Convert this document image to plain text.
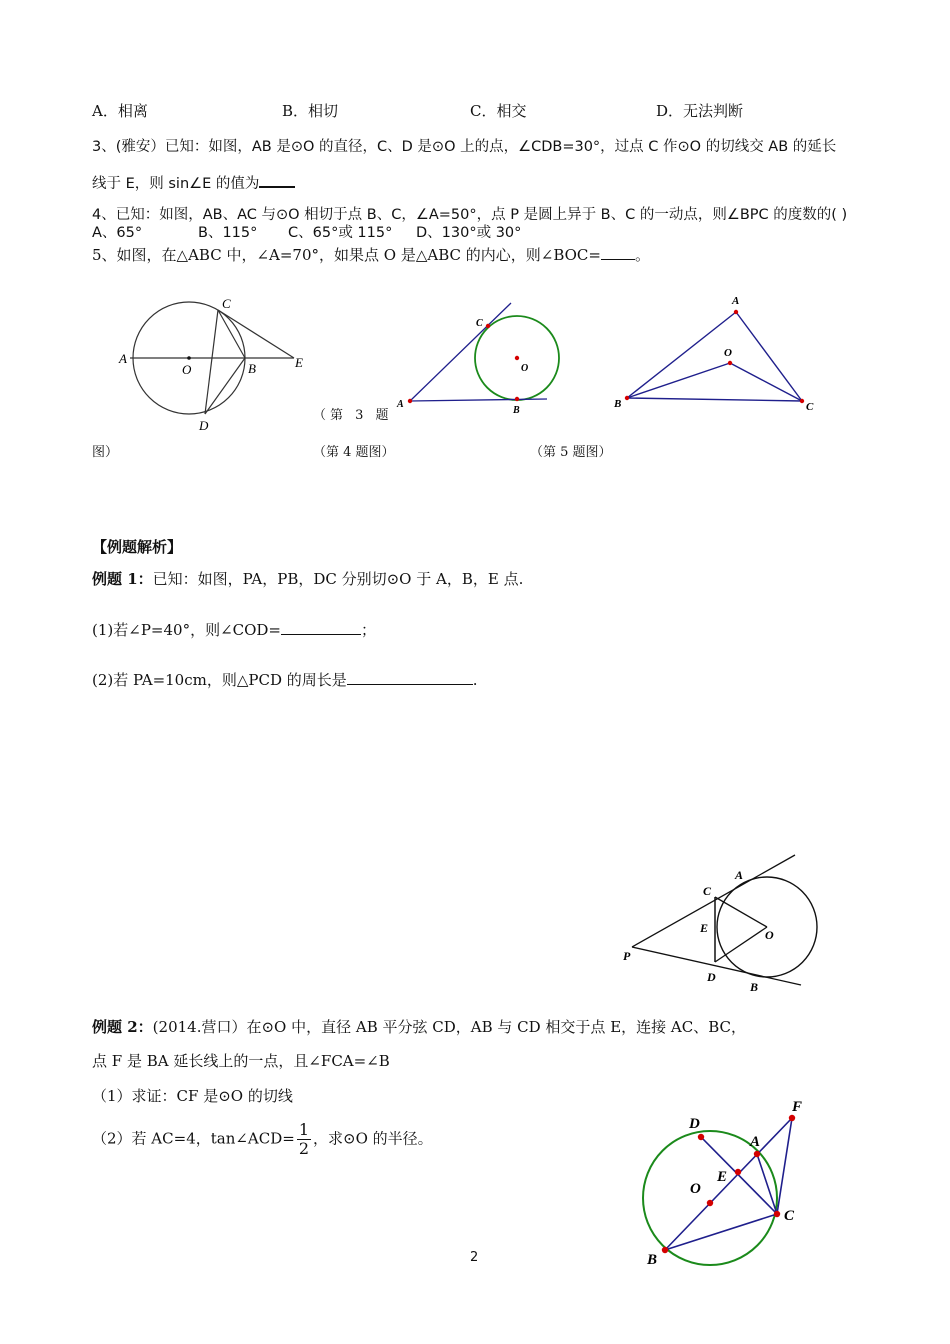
A．相离	B．相切	C．相交	D．无法判断
3、(雅安）已知：如图，AB 是⊙O 的直径，C、D 是⊙O 上的点，∠CDB=30°，过点 C 作⊙O 的切线交 AB 的延长
线于 E，则 sin∠E 的值为
4、已知：如图，AB、AC 与⊙O 相切于点 B、C，∠A=50°，点 P 是圆上异于 B、C 的一动点，则∠BPC 的度数的( )
A、65°	B、115° C、65°或 115° D、130°或 30°
5、如图，在△ABC 中，∠A=70°，如果点 O 是△ABC 的内心，则∠BOC= 。
C
A
O	B	E
D
C
O
A
B
A
O
B	C
（第 3 题
图）	（第 4 题图）	（第 5 题图）
【例题解析】
例题 1：已知：如图，PA，PB，DC 分别切⊙O 于 A，B，E 点.
(1)若∠P=40°，则∠COD=	；
(2)若 PA=10cm，则△PCD 的周长是	.
A
C
E	O
P
D
B
例题 2：(2014.营口）在⊙O 中，直径 AB 平分弦 CD，AB 与 CD 相交于点 E，连接 AC、BC，
点 F 是 BA 延长线上的一点，且∠FCA=∠B
（1）求证：CF 是⊙O 的切线
（2）若 AC=4，tan∠ACD= $\frac{1}{2}$ ，求⊙O 的半径。
F
D
A
E
O
C
B
2
